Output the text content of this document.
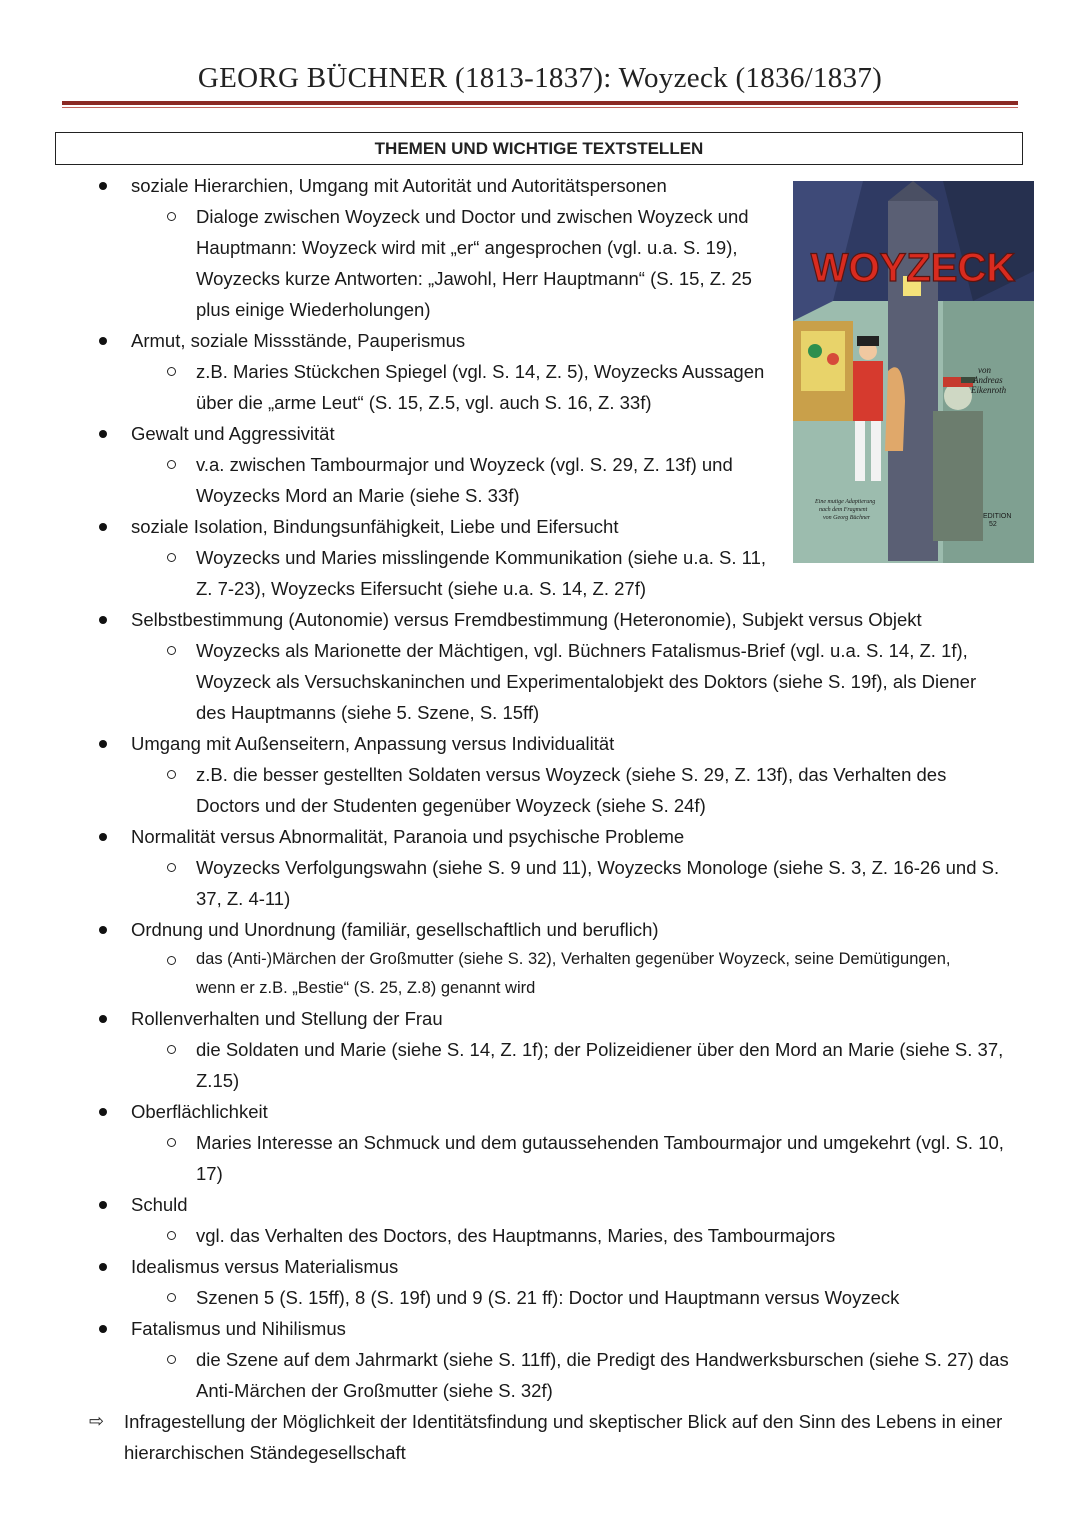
GEORG BÜCHNER (1813-1837): Woyzeck (1836/1837)
THEMEN UND WICHTIGE TEXTSTELLEN
WOYZECK
von
Andreas
Eikenroth
Eine mutige Adaptierung
nach dem Fragment
von Georg Büchner	EDITION
52
soziale Hierarchien, Umgang mit Autorität und Autoritätspersonen
Dialoge zwischen Woyzeck und Doctor und zwischen Woyzeck und Hauptmann: Woyzeck wird mit „er“ angesprochen (vgl. u.a. S. 19), Woyzecks kurze Antworten: „Jawohl, Herr Hauptmann“ (S. 15, Z. 25 plus einige Wiederholungen)
Armut, soziale Missstände, Pauperismus
z.B. Maries Stückchen Spiegel (vgl. S. 14, Z. 5), Woyzecks Aussagen über die „arme Leut“ (S. 15, Z.5, vgl. auch S. 16, Z. 33f)
Gewalt und Aggressivität
v.a. zwischen Tambourmajor und Woyzeck (vgl. S. 29, Z. 13f) und Woyzecks Mord an Marie (siehe S. 33f)
soziale Isolation, Bindungsunfähigkeit, Liebe und Eifersucht
Woyzecks und Maries misslingende Kommunikation (siehe u.a. S. 11, Z. 7-23), Woyzecks Eifersucht (siehe u.a. S. 14, Z. 27f)
Selbstbestimmung (Autonomie) versus Fremdbestimmung (Heteronomie), Subjekt versus Objekt
Woyzecks als Marionette der Mächtigen, vgl. Büchners Fatalismus-Brief (vgl. u.a. S. 14, Z. 1f), Woyzeck als Versuchskaninchen und Experimentalobjekt des Doktors (siehe S. 19f), als Diener des Hauptmanns (siehe 5. Szene, S. 15ff)
Umgang mit Außenseitern, Anpassung versus Individualität
z.B. die besser gestellten Soldaten versus Woyzeck (siehe S. 29, Z. 13f), das Verhalten des Doctors und der Studenten gegenüber Woyzeck (siehe S. 24f)
Normalität versus Abnormalität, Paranoia und psychische Probleme
Woyzecks Verfolgungswahn (siehe S. 9 und 11), Woyzecks Monologe (siehe S. 3, Z. 16-26 und S. 37, Z. 4-11)
Ordnung und Unordnung (familiär, gesellschaftlich und beruflich)
das (Anti-)Märchen der Großmutter (siehe S. 32), Verhalten gegenüber Woyzeck, seine Demütigungen, wenn er z.B. „Bestie“ (S. 25, Z.8) genannt wird
Rollenverhalten und Stellung der Frau
die Soldaten und Marie (siehe S. 14, Z. 1f); der Polizeidiener über den Mord an Marie (siehe S. 37, Z.15)
Oberflächlichkeit
Maries Interesse an Schmuck und dem gutaussehenden Tambourmajor und umgekehrt (vgl. S. 10, 17)
Schuld
vgl. das Verhalten des Doctors, des Hauptmanns, Maries, des Tambourmajors
Idealismus versus Materialismus
Szenen 5 (S. 15ff), 8 (S. 19f) und 9 (S. 21 ff): Doctor und Hauptmann versus Woyzeck
Fatalismus und Nihilismus
die Szene auf dem Jahrmarkt (siehe S. 11ff), die Predigt des Handwerksburschen (siehe S. 27) das Anti-Märchen der Großmutter (siehe S. 32f)
⇨ Infragestellung der Möglichkeit der Identitätsfindung und skeptischer Blick auf den Sinn des Lebens in einer hierarchischen Ständegesellschaft
